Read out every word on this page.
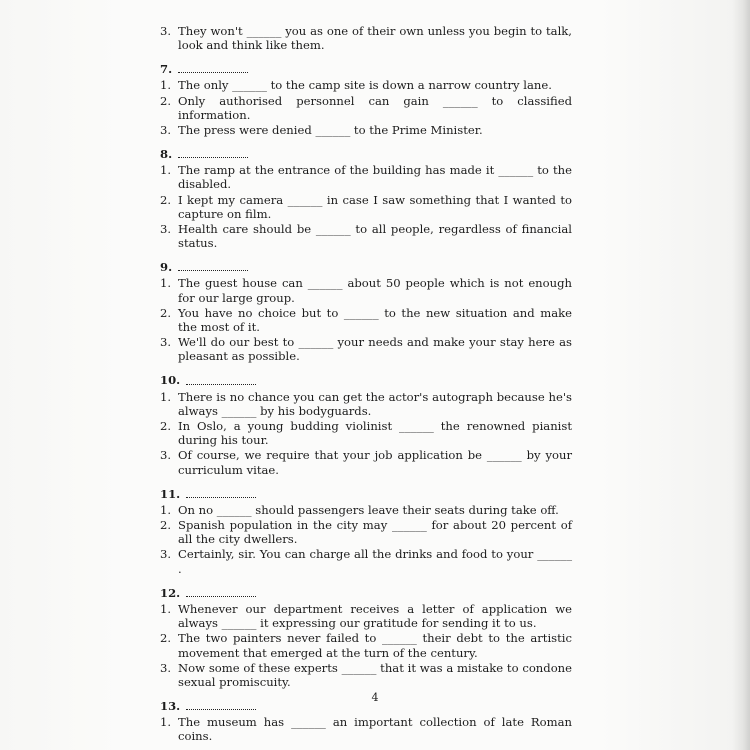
3. They won't ______ you as one of their own unless you begin to talk, look and think like them.
7.
1. The only ______ to the camp site is down a narrow country lane.
2. Only authorised personnel can gain ______ to classified information.
3. The press were denied ______ to the Prime Minister.
8.
1. The ramp at the entrance of the building has made it ______ to the disabled.
2. I kept my camera ______ in case I saw something that I wanted to capture on film.
3. Health care should be ______ to all people, regardless of financial status.
9.
1. The guest house can ______ about 50 people which is not enough for our large group.
2. You have no choice but to ______ to the new situation and make the most of it.
3. We'll do our best to ______ your needs and make your stay here as pleasant as possible.
10.
1. There is no chance you can get the actor's autograph because he's always ______ by his bodyguards.
2. In Oslo, a young budding violinist ______ the renowned pianist during his tour.
3. Of course, we require that your job application be ______ by your curriculum vitae.
11.
1. On no ______ should passengers leave their seats during take off.
2. Spanish population in the city may ______ for about 20 percent of all the city dwellers.
3. Certainly, sir. You can charge all the drinks and food to your ______ .
12.
1. Whenever our department receives a letter of application we always ______ it expressing our gratitude for sending it to us.
2. The two painters never failed to ______ their debt to the artistic movement that emerged at the turn of the century.
3. Now some of these experts ______ that it was a mistake to condone sexual promiscuity.
13.
1. The museum has ______ an important collection of late Roman coins.
4
